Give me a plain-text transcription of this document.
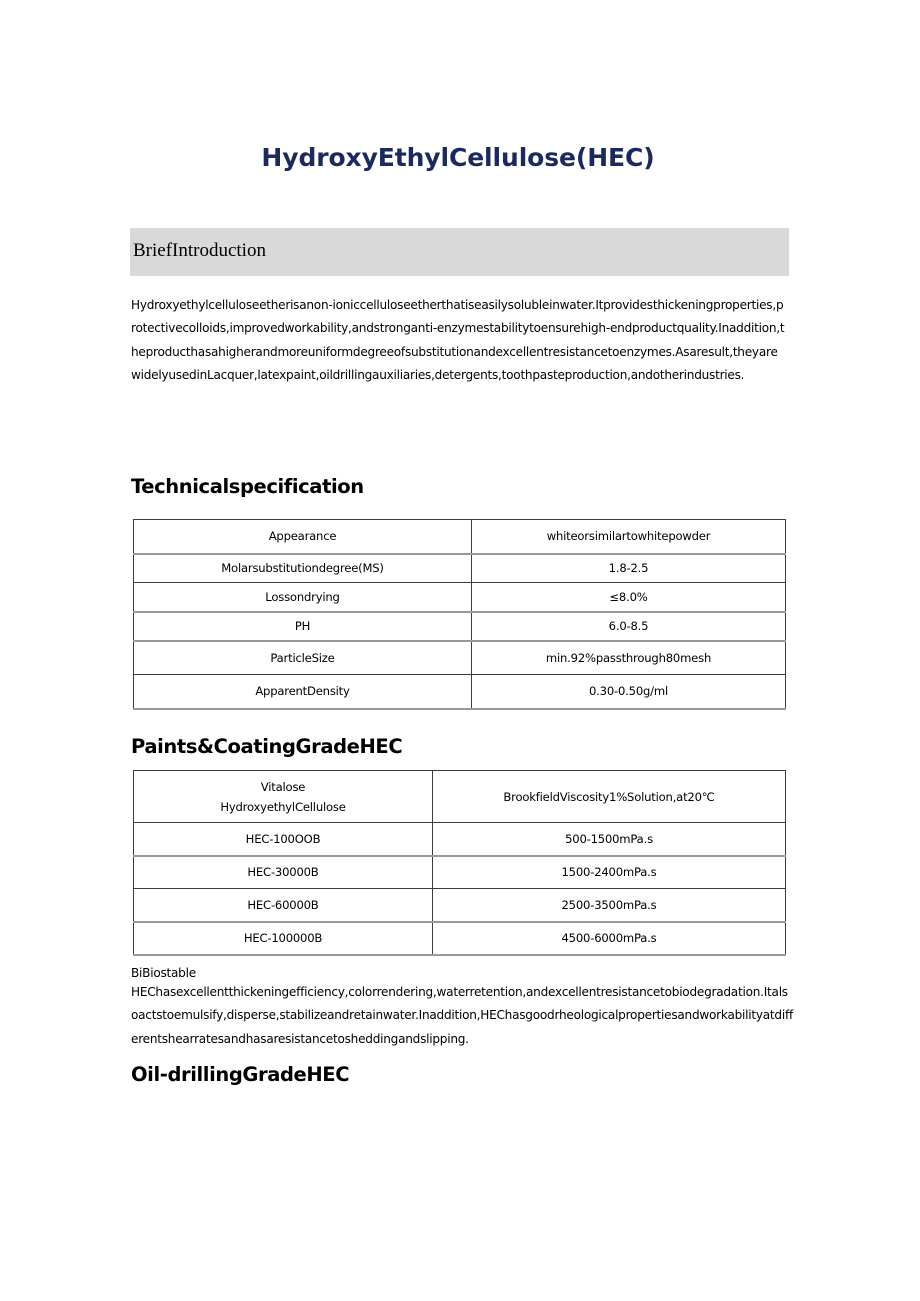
HydroxyEthylCellulose(HEC)
BriefIntroduction
Hydroxyethylcelluloseetherisanon-ioniccelluloseetherthatiseasilysolubleinwater.Itprovidesthickeningproperties,protectivecolloids,improvedworkability,andstronganti-enzymestabilitytoensurehigh-endproductquality.Inaddition,theproducthasahigherandmoreuniformdegreeofsubstitutionandexcellentresistancetoenzymes.Asaresult,theyarewidelyusedinLacquer,latexpaint,oildrillingauxiliaries,detergents,toothpasteproduction,andotherindustries.
Technicalspecification
Appearance	whiteorsimilartowhitepowder
Molarsubstitutiondegree(MS)	1.8-2.5
Lossondrying	≤8.0%
PH	6.0-8.5
ParticleSize	min.92%passthrough80mesh
ApparentDensity	0.30-0.50g/ml
Paints&CoatingGradeHEC
Vitalose
HydroxyethylCellulose	BrookfieldViscosity1%Solution,at20℃
HEC-100OOB	500-1500mPa.s
HEC-30000B	1500-2400mPa.s
HEC-60000B	2500-3500mPa.s
HEC-100000B	4500-6000mPa.s
BiBiostable
HEChasexcellentthickeningefficiency,colorrendering,waterretention,andexcellentresistancetobiodegradation.Italsoactstoemulsify,disperse,stabilizeandretainwater.Inaddition,HEChasgoodrheologicalpropertiesandworkabilityatdifferentshearratesandhasaresistancetosheddingandslipping.
Oil-drillingGradeHEC
